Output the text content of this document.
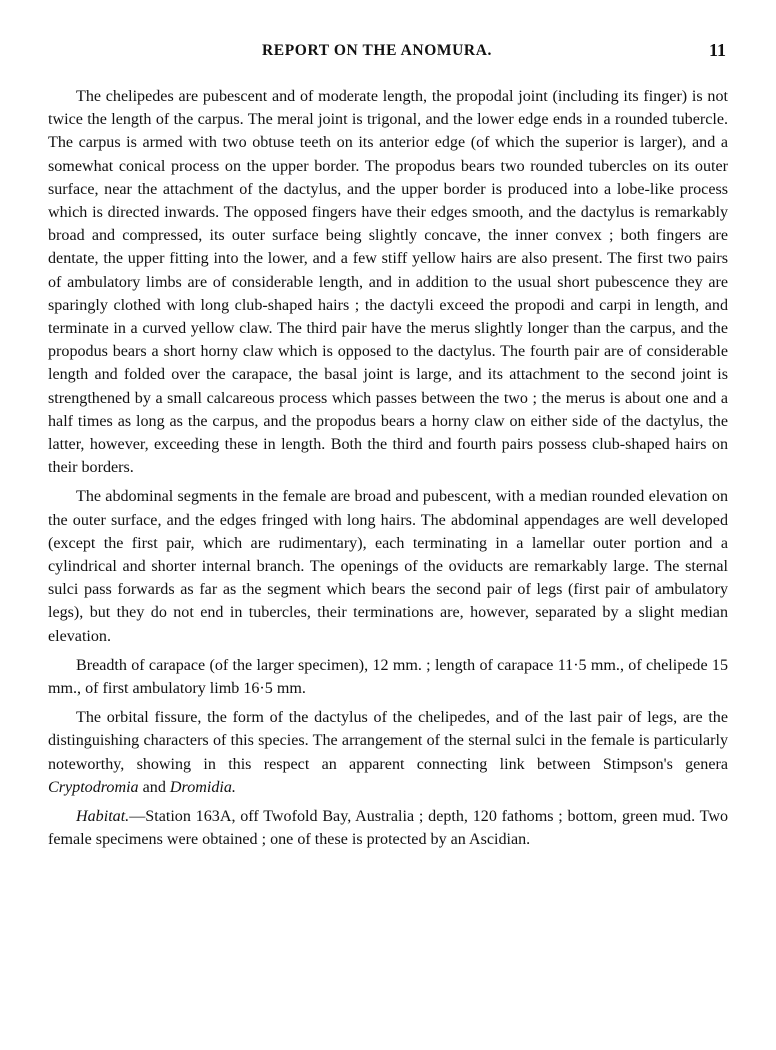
REPORT ON THE ANOMURA.	11

The chelipedes are pubescent and of moderate length, the propodal joint (including its finger) is not twice the length of the carpus. The meral joint is trigonal, and the lower edge ends in a rounded tubercle. The carpus is armed with two obtuse teeth on its anterior edge (of which the superior is larger), and a somewhat conical process on the upper border. The propodus bears two rounded tubercles on its outer surface, near the attachment of the dactylus, and the upper border is produced into a lobe-like process which is directed inwards. The opposed fingers have their edges smooth, and the dactylus is remarkably broad and compressed, its outer surface being slightly concave, the inner convex ; both fingers are dentate, the upper fitting into the lower, and a few stiff yellow hairs are also present. The first two pairs of ambulatory limbs are of considerable length, and in addition to the usual short pubescence they are sparingly clothed with long club-shaped hairs ; the dactyli exceed the propodi and carpi in length, and terminate in a curved yellow claw. The third pair have the merus slightly longer than the carpus, and the propodus bears a short horny claw which is opposed to the dactylus. The fourth pair are of considerable length and folded over the carapace, the basal joint is large, and its attachment to the second joint is strengthened by a small calcareous process which passes between the two ; the merus is about one and a half times as long as the carpus, and the propodus bears a horny claw on either side of the dactylus, the latter, however, exceeding these in length. Both the third and fourth pairs possess club-shaped hairs on their borders.

The abdominal segments in the female are broad and pubescent, with a median rounded elevation on the outer surface, and the edges fringed with long hairs. The abdominal appendages are well developed (except the first pair, which are rudimentary), each terminating in a lamellar outer portion and a cylindrical and shorter internal branch. The openings of the oviducts are remarkably large. The sternal sulci pass forwards as far as the segment which bears the second pair of legs (first pair of ambulatory legs), but they do not end in tubercles, their terminations are, however, separated by a slight median elevation.

Breadth of carapace (of the larger specimen), 12 mm. ; length of carapace 11·5 mm., of chelipede 15 mm., of first ambulatory limb 16·5 mm.

The orbital fissure, the form of the dactylus of the chelipedes, and of the last pair of legs, are the distinguishing characters of this species. The arrangement of the sternal sulci in the female is particularly noteworthy, showing in this respect an apparent connecting link between Stimpson's genera Cryptodromia and Dromidia.

Habitat.—Station 163A, off Twofold Bay, Australia ; depth, 120 fathoms ; bottom, green mud. Two female specimens were obtained ; one of these is protected by an Ascidian.
